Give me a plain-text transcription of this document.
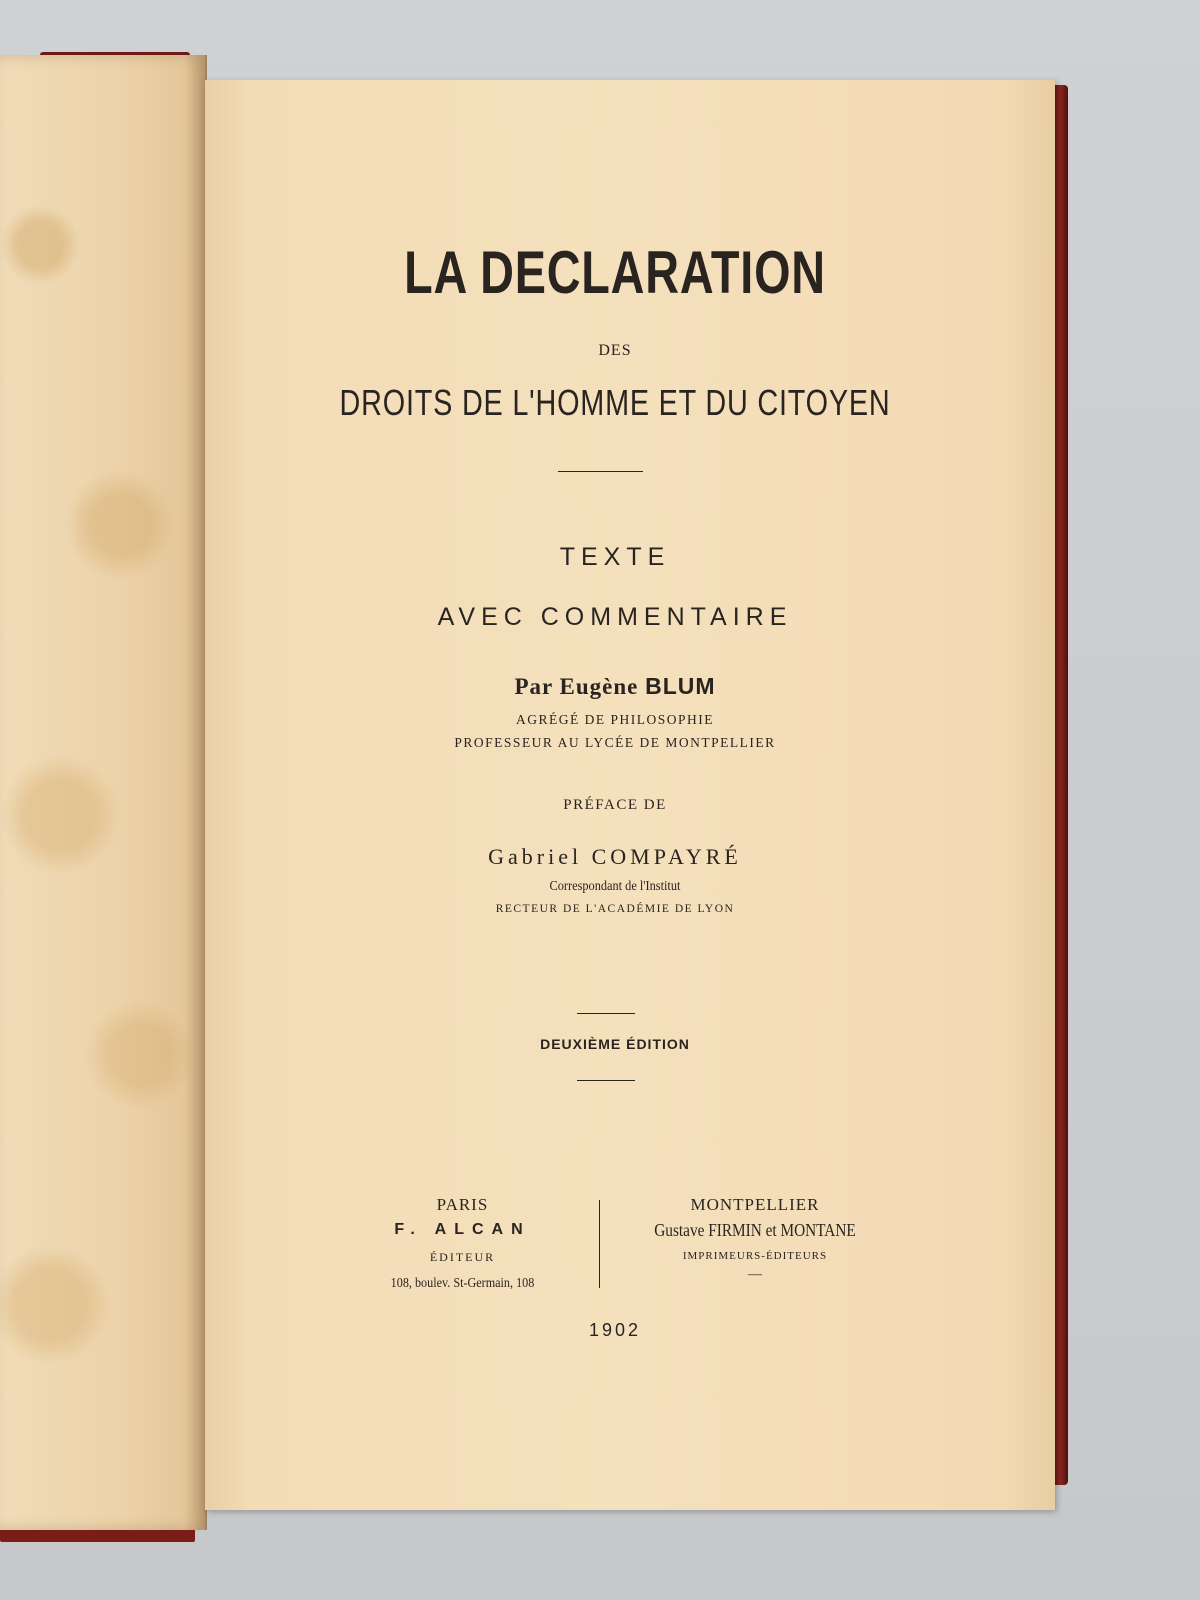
LA DECLARATION
DES
DROITS DE L'HOMME ET DU CITOYEN
TEXTE
AVEC COMMENTAIRE
Par Eugène BLUM
AGRÉGÉ DE PHILOSOPHIE
PROFESSEUR AU LYCÉE DE MONTPELLIER
PRÉFACE DE
Gabriel COMPAYRÉ
Correspondant de l'Institut
RECTEUR DE L'ACADÉMIE DE LYON
DEUXIÈME ÉDITION
PARIS
F. ALCAN
ÉDITEUR
108, boulev. St-Germain, 108
MONTPELLIER
Gustave FIRMIN et MONTANE
IMPRIMEURS-ÉDITEURS
—
1902
